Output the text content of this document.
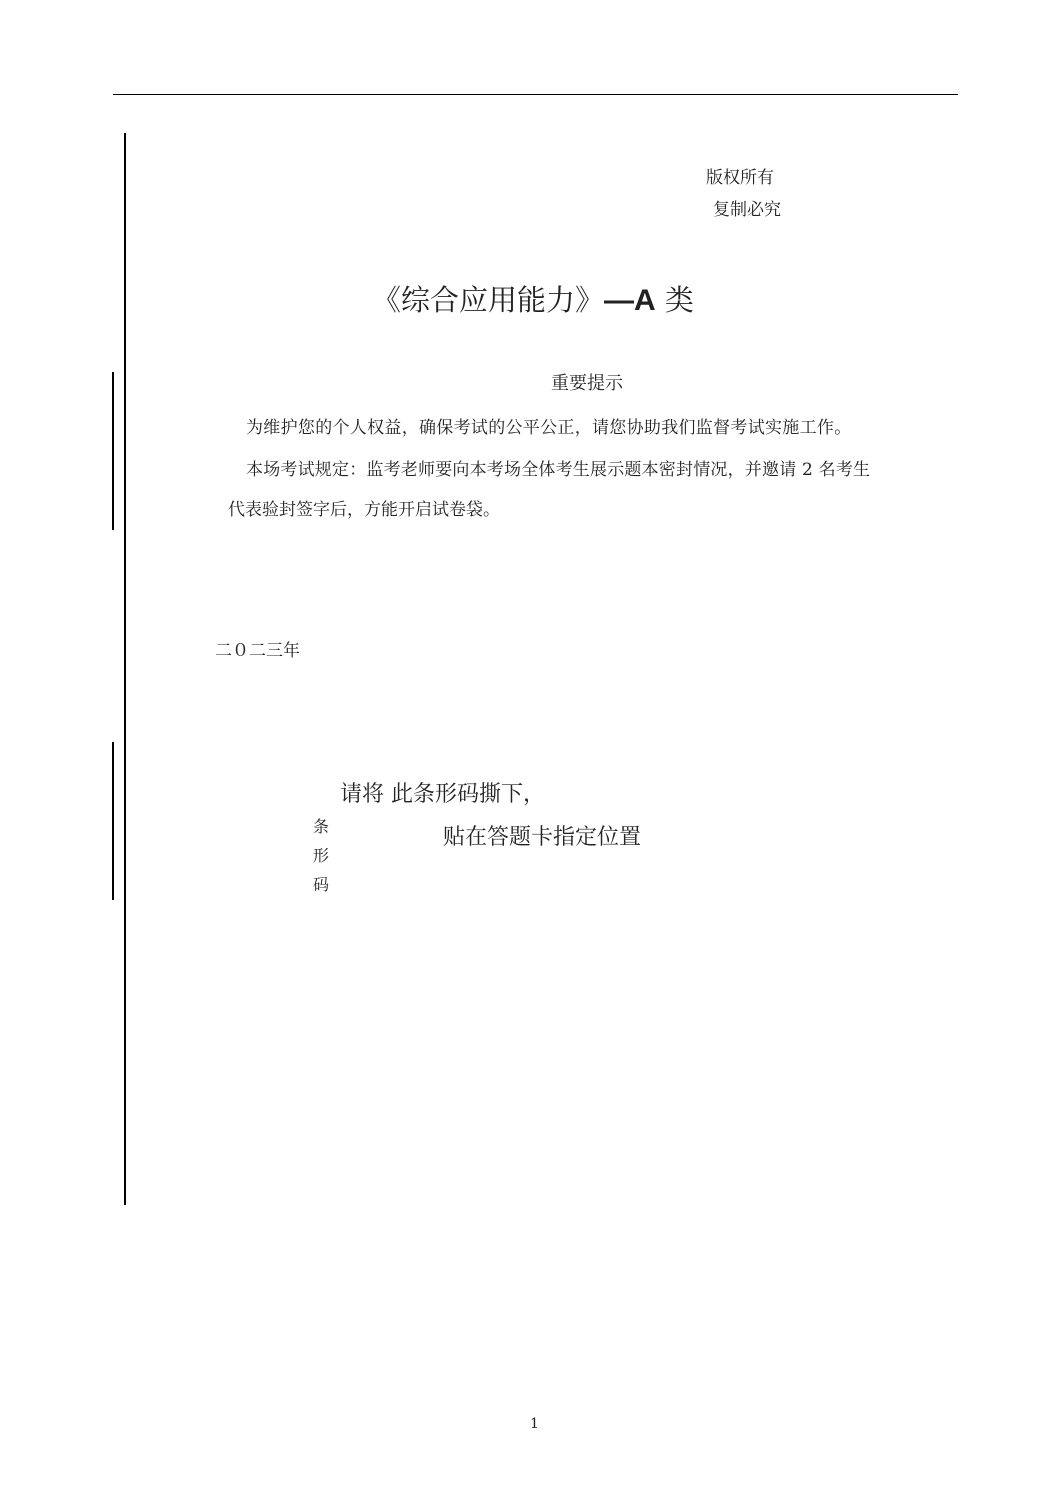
版权所有
复制必究
《综合应用能力》—A 类
重要提示
为维护您的个人权益，确保考试的公平公正，请您协助我们监督考试实施工作。
本场考试规定：监考老师要向本考场全体考生展示题本密封情况，并邀请 2 名考生
代表验封签字后，方能开启试卷袋。
二０二三年
请将 此条形码撕下，
贴在答题卡指定位置
条
形
码
1
